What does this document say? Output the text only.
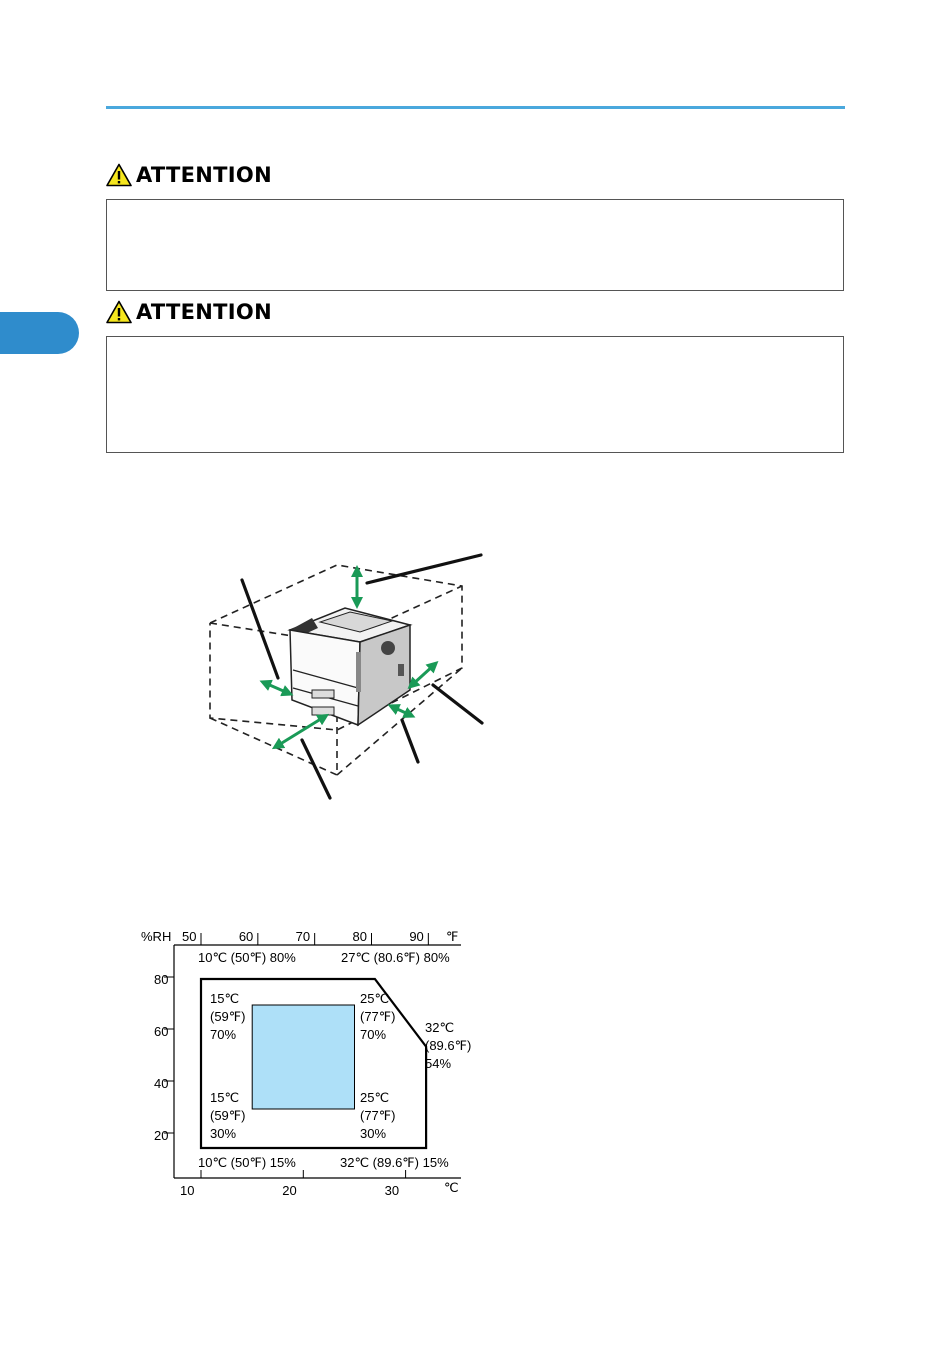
ATTENTION
ATTENTION
10	20	30
50	60	70	80	90
20
40
60
80
%RH	℉
℃
10℃ (50℉) 80%	27℃ (80.6℉) 80%
10℃ (50℉) 15%	32℃ (89.6℉) 15%
32℃
(89.6℉)
54%
15℃
(59℉)
70%
25℃
(77℉)
70%
15℃
(59℉)
30%
25℃
(77℉)
30%
